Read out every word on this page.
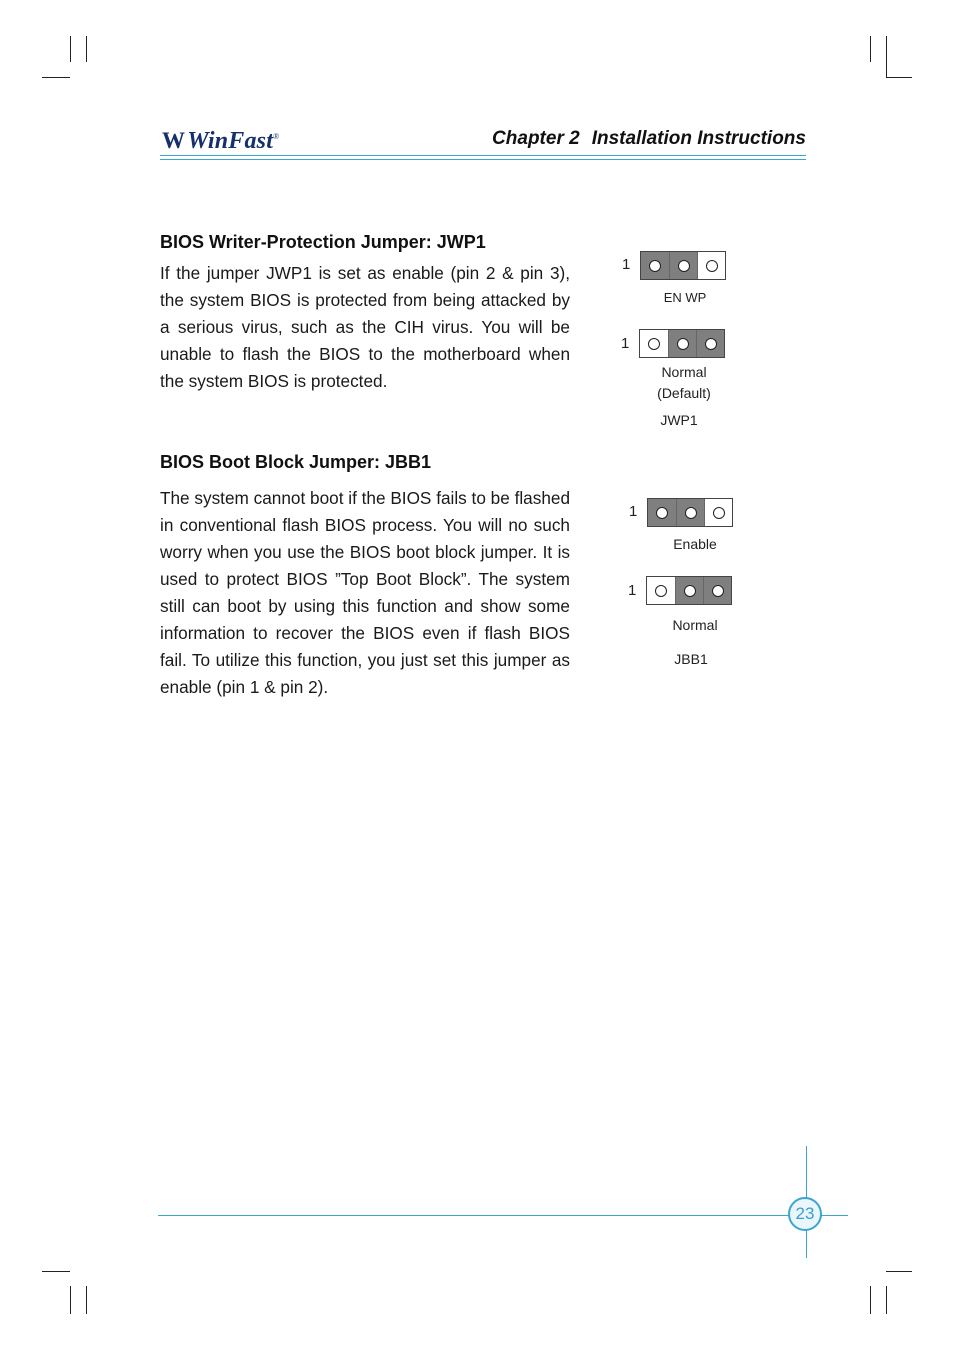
WWinFast®	Chapter 2 Installation Instructions
BIOS Writer-Protection Jumper: JWP1
If the jumper JWP1 is set as enable (pin 2 & pin 3), the system BIOS is protected from being attacked by a serious virus, such as the CIH virus. You will be unable to flash the BIOS to the motherboard when the system BIOS is protected.
1
EN WP
1
Normal
(Default)
JWP1
BIOS Boot Block Jumper: JBB1
The system cannot boot if the BIOS fails to be flashed in conventional flash BIOS process. You will no such worry when you use the BIOS boot block jumper. It is used to protect BIOS ”Top Boot Block”. The system still can boot by using this function and show some information to recover the BIOS even if flash BIOS fail. To utilize this function, you just set this jumper as enable (pin 1 & pin 2).
1
Enable
1
Normal
JBB1
23
